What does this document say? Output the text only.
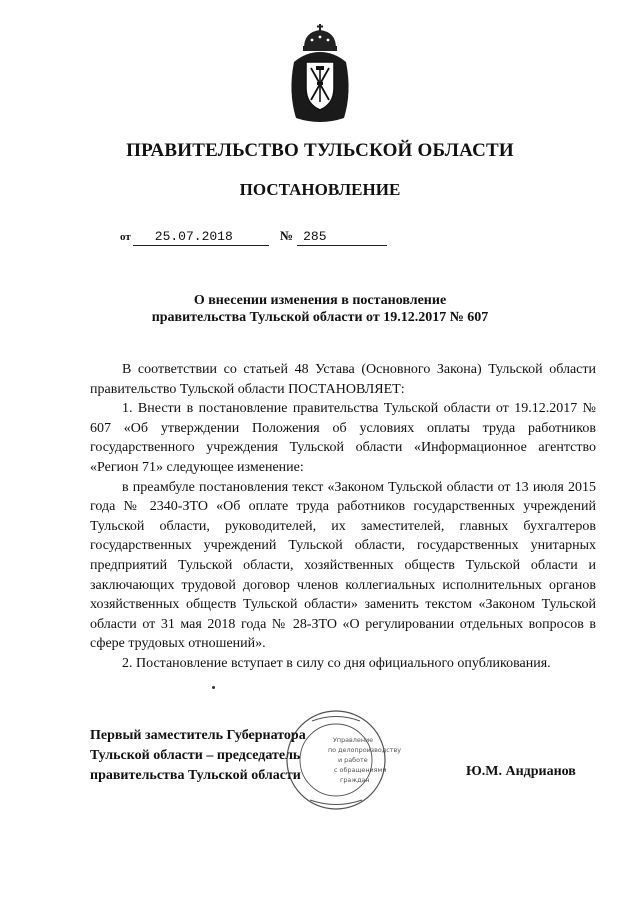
ПРАВИТЕЛЬСТВО ТУЛЬСКОЙ ОБЛАСТИ
ПОСТАНОВЛЕНИЕ
от 25.07.2018	№ 285
О внесении изменения в постановление
правительства Тульской области от 19.12.2017 № 607

В соответствии со статьей 48 Устава (Основного Закона) Тульской области правительство Тульской области ПОСТАНОВЛЯЕТ:

1. Внести в постановление правительства Тульской области от 19.12.2017 № 607 «Об утверждении Положения об условиях оплаты труда работников государственного учреждения Тульской области «Информационное агентство «Регион 71» следующее изменение:

в преамбуле постановления текст «Законом Тульской области от 13 июля 2015 года № 2340-ЗТО «Об оплате труда работников государственных учреждений Тульской области, руководителей, их заместителей, главных бухгалтеров государственных учреждений Тульской области, государственных унитарных предприятий Тульской области, хозяйственных обществ Тульской области и заключающих трудовой договор членов коллегиальных исполнительных органов хозяйственных обществ Тульской области» заменить текстом «Законом Тульской области от 31 мая 2018 года № 28-ЗТО «О регулировании отдельных вопросов в сфере трудовых отношений».

2. Постановление вступает в силу со дня официального опубликования.

Первый заместитель Губернатора
Тульской области – председатель
правительства Тульской области
Управление
по делопроизводству
и работе
с обращениями
граждан
Ю.М. Андрианов
